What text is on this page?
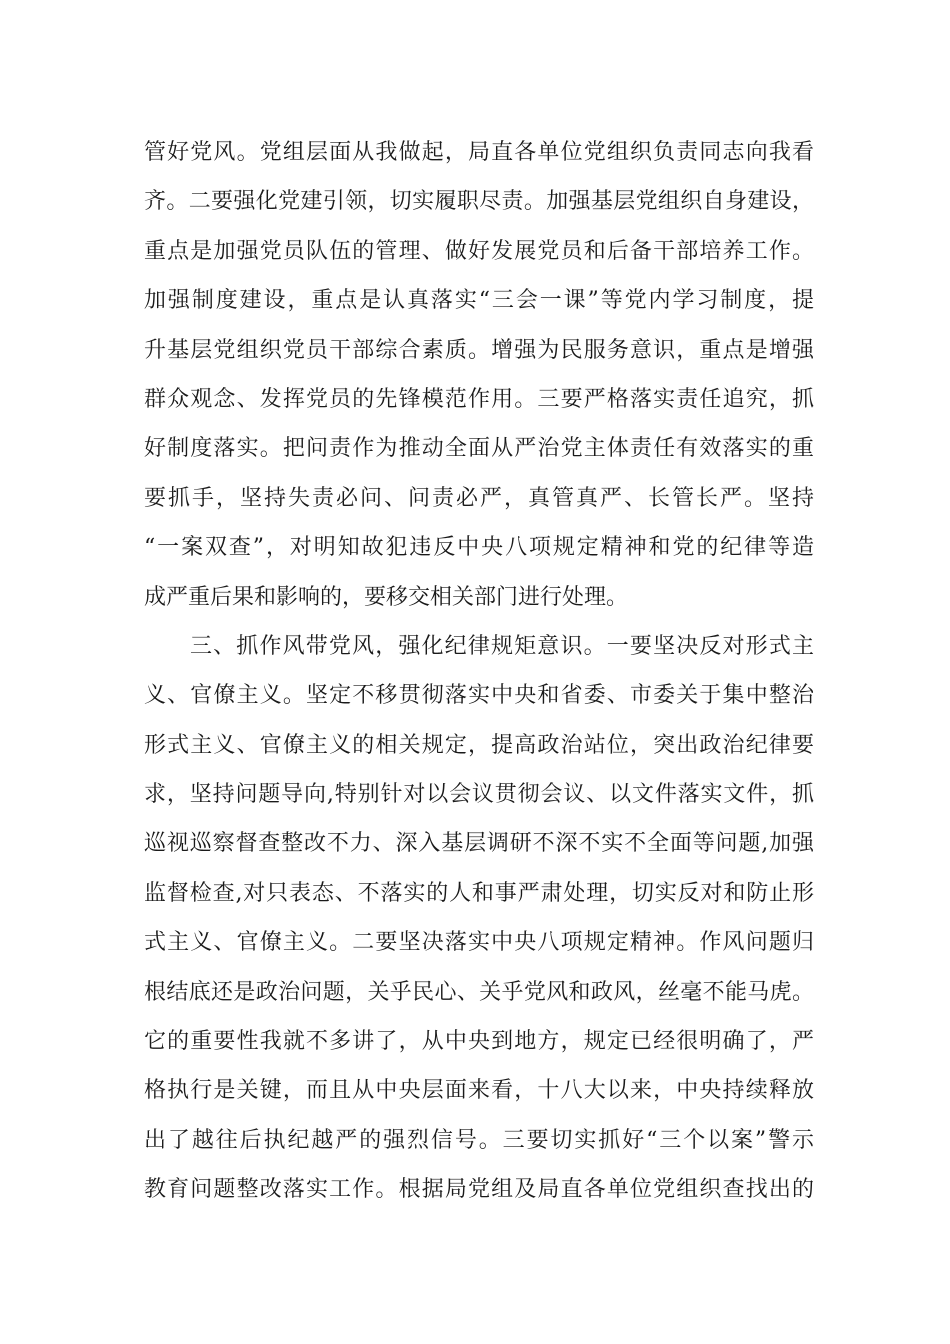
管好党风。党组层面从我做起，局直各单位党组织负责同志向我看
齐。二要强化党建引领，切实履职尽责。加强基层党组织自身建设，
重点是加强党员队伍的管理、做好发展党员和后备干部培养工作。
加强制度建设，重点是认真落实“三会一课”等党内学习制度，提
升基层党组织党员干部综合素质。增强为民服务意识，重点是增强
群众观念、发挥党员的先锋模范作用。三要严格落实责任追究，抓
好制度落实。把问责作为推动全面从严治党主体责任有效落实的重
要抓手，坚持失责必问、问责必严，真管真严、长管长严。坚持
“一案双查”，对明知故犯违反中央八项规定精神和党的纪律等造
成严重后果和影响的，要移交相关部门进行处理。
三、抓作风带党风，强化纪律规矩意识。一要坚决反对形式主
义、官僚主义。坚定不移贯彻落实中央和省委、市委关于集中整治
形式主义、官僚主义的相关规定，提高政治站位，突出政治纪律要
求，坚持问题导向,特别针对以会议贯彻会议、以文件落实文件，抓
巡视巡察督查整改不力、深入基层调研不深不实不全面等问题,加强
监督检查,对只表态、不落实的人和事严肃处理，切实反对和防止形
式主义、官僚主义。二要坚决落实中央八项规定精神。作风问题归
根结底还是政治问题，关乎民心、关乎党风和政风，丝毫不能马虎。
它的重要性我就不多讲了，从中央到地方，规定已经很明确了，严
格执行是关键，而且从中央层面来看，十八大以来，中央持续释放
出了越往后执纪越严的强烈信号。三要切实抓好“三个以案”警示
教育问题整改落实工作。根据局党组及局直各单位党组织查找出的
